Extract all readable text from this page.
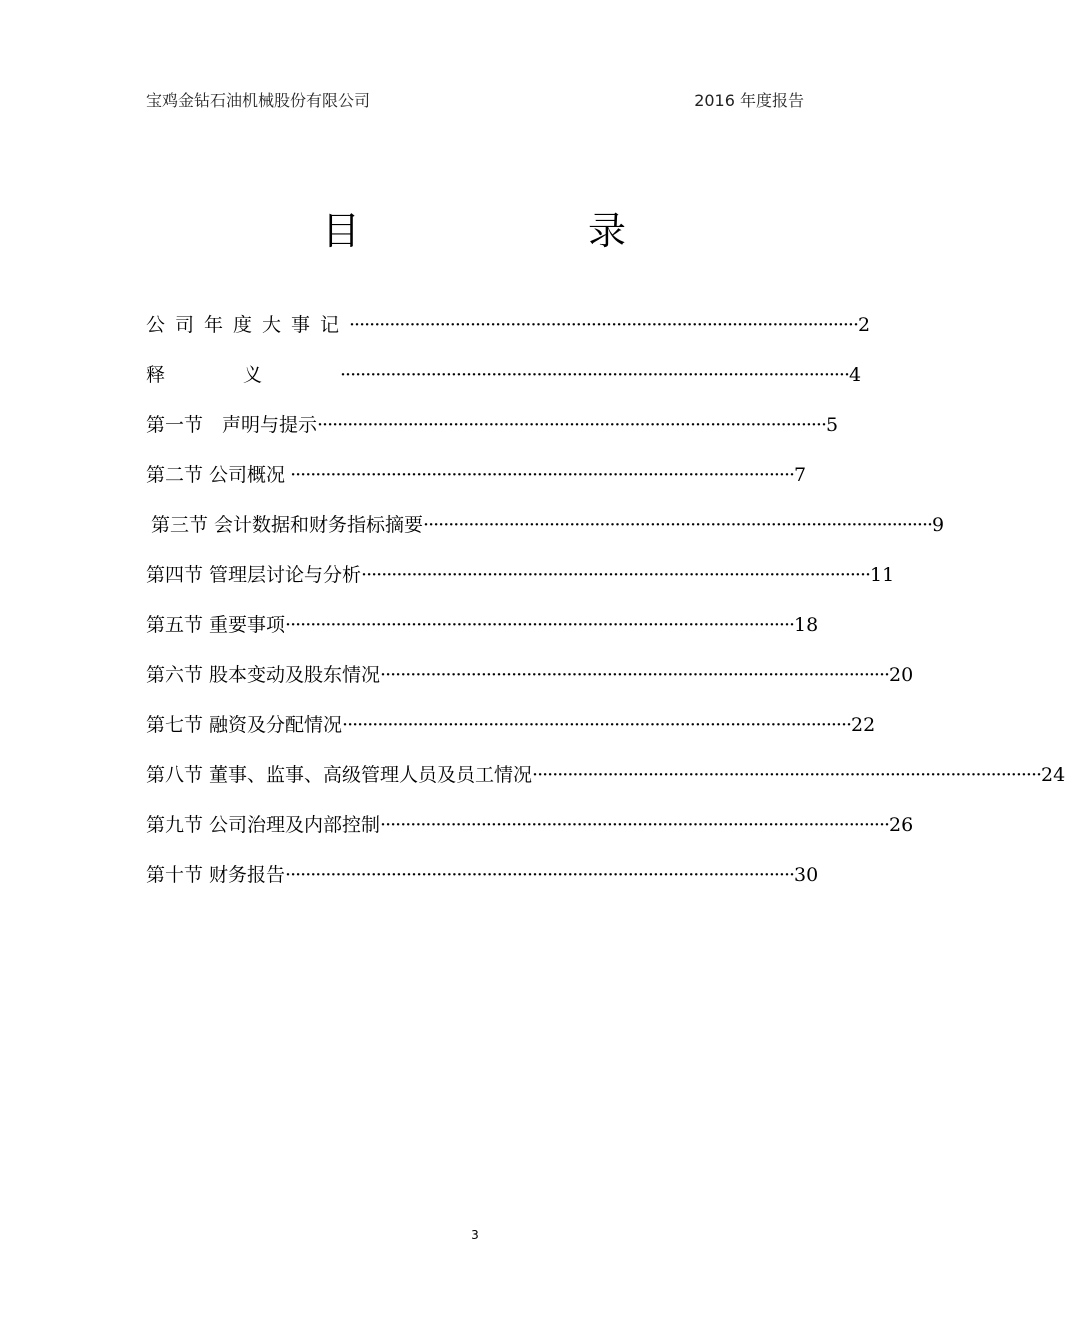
宝鸡金钻石油机械股份有限公司	2016 年度报告
目	录
公司年度大事记 ····································································································· 2
释义 ····································································································· 4
第一节　声明与提示 ····································································································· 5
第二节 公司概况 ···································································································· 7
第三节 会计数据和财务指标摘要 ····································································································· 9
第四节 管理层讨论与分析 ····································································································· 11
第五节 重要事项 ····································································································· 18
第六节 股本变动及股东情况 ····································································································· 20
第七节 融资及分配情况 ····································································································· 22
第八节 董事、监事、高级管理人员及员工情况 ····································································································· 24
第九节 公司治理及内部控制 ····································································································· 26
第十节 财务报告 ····································································································· 30
3
